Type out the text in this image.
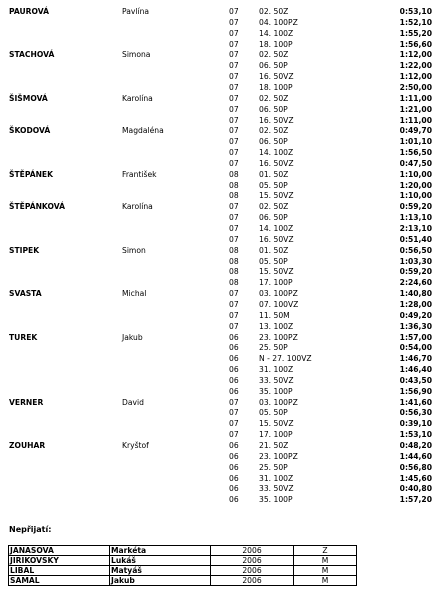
PAUROVÁ	Pavlína	07	02. 50Z	0:53,10
07	04. 100PZ	1:52,10
07	14. 100Z	1:55,20
07	18. 100P	1:56,60
STACHOVÁ	Simona	07	02. 50Z	1:12,00
07	06. 50P	1:22,00
07	16. 50VZ	1:12,00
07	18. 100P	2:50,00
ŠIŠMOVÁ	Karolína	07	02. 50Z	1:11,00
07	06. 50P	1:21,00
07	16. 50VZ	1:11,00
ŠKODOVÁ	Magdaléna	07	02. 50Z	0:49,70
07	06. 50P	1:01,10
07	14. 100Z	1:56,50
07	16. 50VZ	0:47,50
ŠTĚPÁNEK	František	08	01. 50Z	1:10,00
08	05. 50P	1:20,00
08	15. 50VZ	1:10,00
ŠTĚPÁNKOVÁ	Karolína	07	02. 50Z	0:59,20
07	06. 50P	1:13,10
07	14. 100Z	2:13,10
07	16. 50VZ	0:51,40
STIPEK	Simon	08	01. 50Z	0:56,50
08	05. 50P	1:03,30
08	15. 50VZ	0:59,20
08	17. 100P	2:24,60
SVASTA	Michal	07	03. 100PZ	1:40,80
07	07. 100VZ	1:28,00
07	11. 50M	0:49,20
07	13. 100Z	1:36,30
TUREK	Jakub	06	23. 100PZ	1:57,00
06	25. 50P	0:54,00
06	N - 27. 100VZ	1:46,70
06	31. 100Z	1:46,40
06	33. 50VZ	0:43,50
06	35. 100P	1:56,90
VERNER	David	07	03. 100PZ	1:41,60
07	05. 50P	0:56,30
07	15. 50VZ	0:39,10
07	17. 100P	1:53,10
ZOUHAR	Kryštof	06	21. 50Z	0:48,20
06	23. 100PZ	1:44,60
06	25. 50P	0:56,80
06	31. 100Z	1:45,60
06	33. 50VZ	0:40,80
06	35. 100P	1:57,20
Nepřijatí:
JANASOVA	Markéta	2006	Z
JIRIKOVSKY	Lukáš	2006	M
LIBAL	Matyáš	2006	M
SAMAL	Jakub	2006	M
